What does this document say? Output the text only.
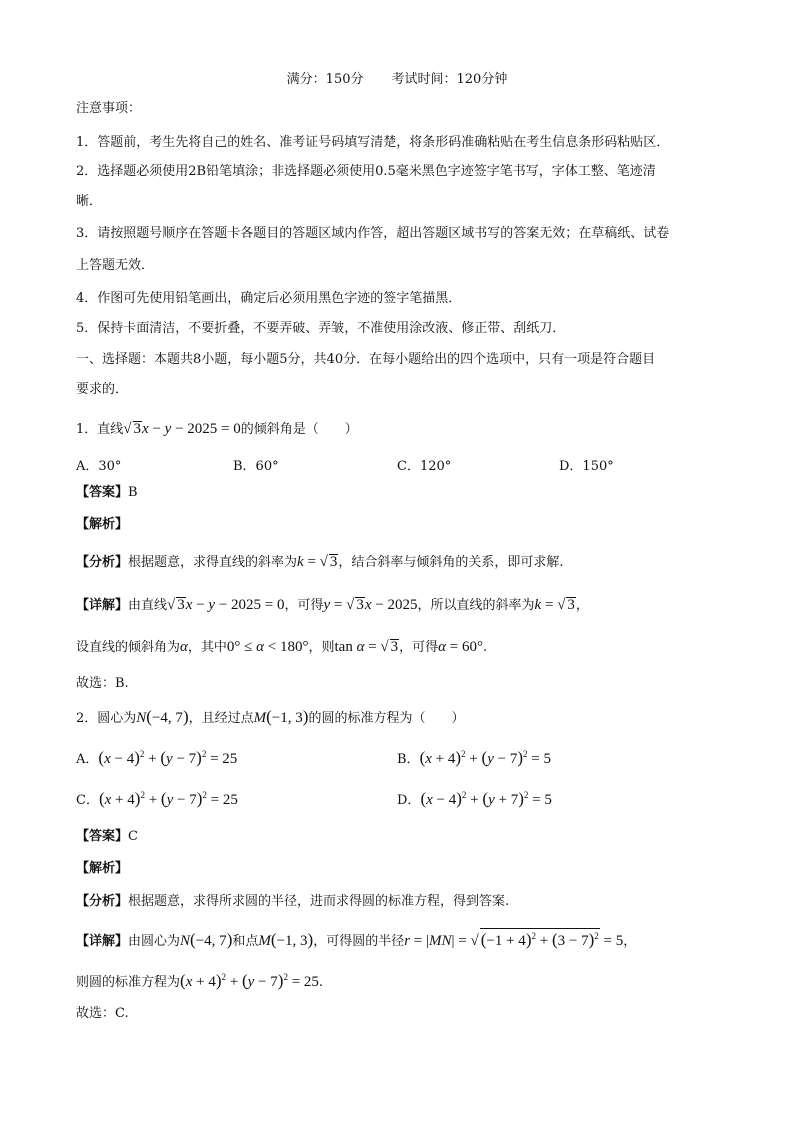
满分：150分 考试时间：120分钟
注意事项：
1．答题前，考生先将自己的姓名、准考证号码填写清楚，将条形码准确粘贴在考生信息条形码粘贴区．
2．选择题必须使用2B铅笔填涂；非选择题必须使用0.5毫米黑色字迹签字笔书写，字体工整、笔迹清
晰．
3．请按照题号顺序在答题卡各题目的答题区域内作答，超出答题区域书写的答案无效；在草稿纸、试卷
上答题无效．
4．作图可先使用铅笔画出，确定后必须用黑色字迹的签字笔描黑．
5．保持卡面清洁，不要折叠，不要弄破、弄皱，不准使用涂改液、修正带、刮纸刀．
一、选择题：本题共8小题，每小题5分，共40分．在每小题给出的四个选项中，只有一项是符合题目
要求的．
1．直线√ 3x − y − 2025 = 0的倾斜角是（　　）
A．30°	B．60°	C．120°	D．150°
【答案】B
【解析】
【分析】根据题意，求得直线的斜率为k = √ 3，结合斜率与倾斜角的关系，即可求解.
【详解】由直线√ 3x − y − 2025 = 0，可得y = √ 3x − 2025，所以直线的斜率为k = √ 3，
设直线的倾斜角为α，其中0° ≤ α < 180°，则tan α = √ 3，可得α = 60°.
故选：B.
2．圆心为N(−4, 7)，且经过点M(−1, 3)的圆的标准方程为（　　）
A．$(x - 4)^2 + (y - 7)^2 = 25$	B．$(x + 4)^2 + (y - 7)^2 = 5$
C．$(x + 4)^2 + (y - 7)^2 = 25$	D．$(x - 4)^2 + (y + 7)^2 = 5$
【答案】C
【解析】
【分析】根据题意，求得所求圆的半径，进而求得圆的标准方程，得到答案.
【详解】由圆心为N(−4, 7)和点M(−1, 3)，可得圆的半径r = |MN| = √ $(-1 + 4)^2 + (3 - 7)^2 = 5$，
则圆的标准方程为$(x + 4)^2 + (y - 7)^2 = 25$.
故选：C.
